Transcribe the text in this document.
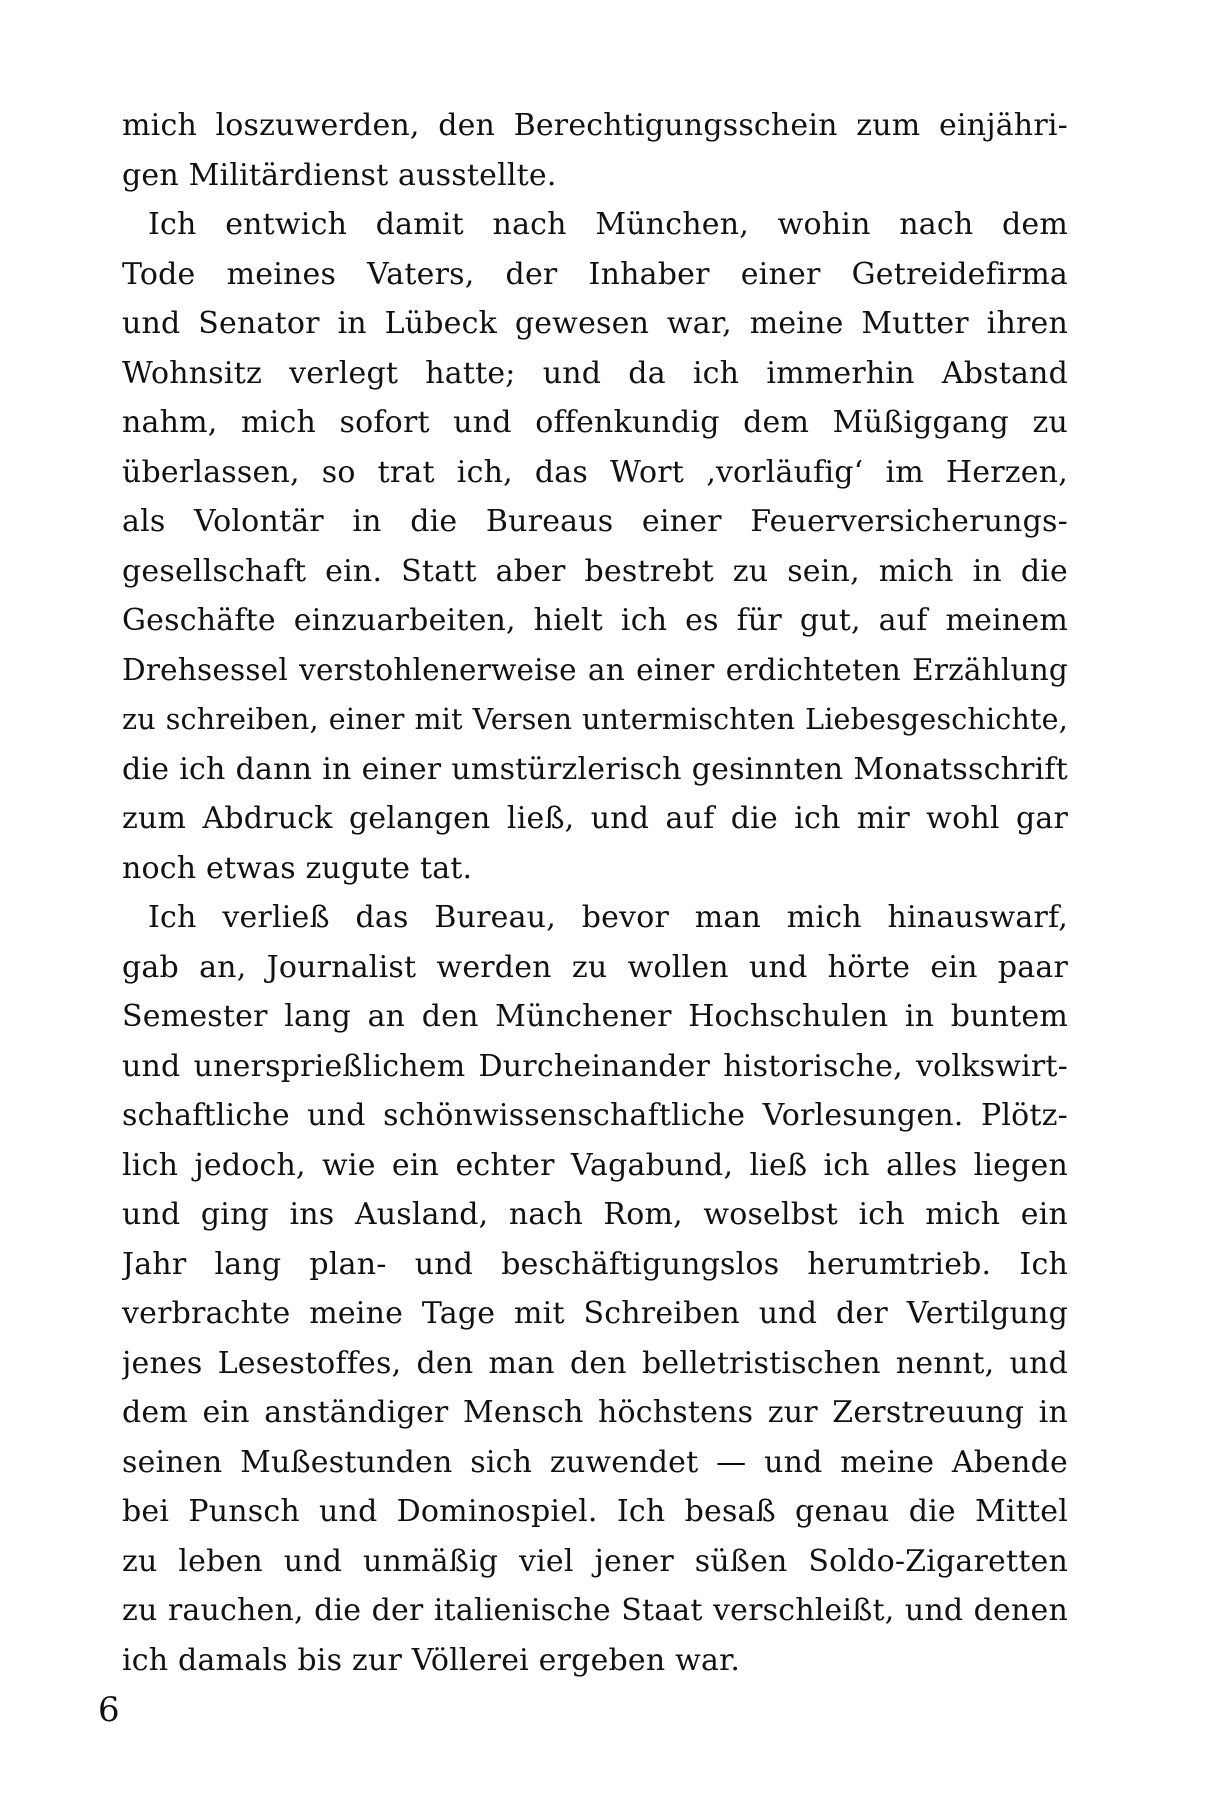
mich loszuwerden, den Berechtigungsschein zum einjähri-
gen Militärdienst ausstellte.
Ich entwich damit nach München, wohin nach dem
Tode meines Vaters, der Inhaber einer Getreidefirma
und Senator in Lübeck gewesen war, meine Mutter ihren
Wohnsitz verlegt hatte; und da ich immerhin Abstand
nahm, mich sofort und offenkundig dem Müßiggang zu
überlassen, so trat ich, das Wort ‚vorläufig‘ im Herzen,
als Volontär in die Bureaus einer Feuerversicherungs-
gesellschaft ein. Statt aber bestrebt zu sein, mich in die
Geschäfte einzuarbeiten, hielt ich es für gut, auf meinem
Drehsessel verstohlenerweise an einer erdichteten Erzählung
zu schreiben, einer mit Versen untermischten Liebesgeschichte,
die ich dann in einer umstürzlerisch gesinnten Monatsschrift
zum Abdruck gelangen ließ, und auf die ich mir wohl gar
noch etwas zugute tat.
Ich verließ das Bureau, bevor man mich hinauswarf,
gab an, Journalist werden zu wollen und hörte ein paar
Semester lang an den Münchener Hochschulen in buntem
und unersprießlichem Durcheinander historische, volkswirt-
schaftliche und schönwissenschaftliche Vorlesungen. Plötz-
lich jedoch, wie ein echter Vagabund, ließ ich alles liegen
und ging ins Ausland, nach Rom, woselbst ich mich ein
Jahr lang plan- und beschäftigungslos herumtrieb. Ich
verbrachte meine Tage mit Schreiben und der Vertilgung
jenes Lesestoffes, den man den belletristischen nennt, und
dem ein anständiger Mensch höchstens zur Zerstreuung in
seinen Mußestunden sich zuwendet — und meine Abende
bei Punsch und Dominospiel. Ich besaß genau die Mittel
zu leben und unmäßig viel jener süßen Soldo-Zigaretten
zu rauchen, die der italienische Staat verschleißt, und denen
ich damals bis zur Völlerei ergeben war.
6
